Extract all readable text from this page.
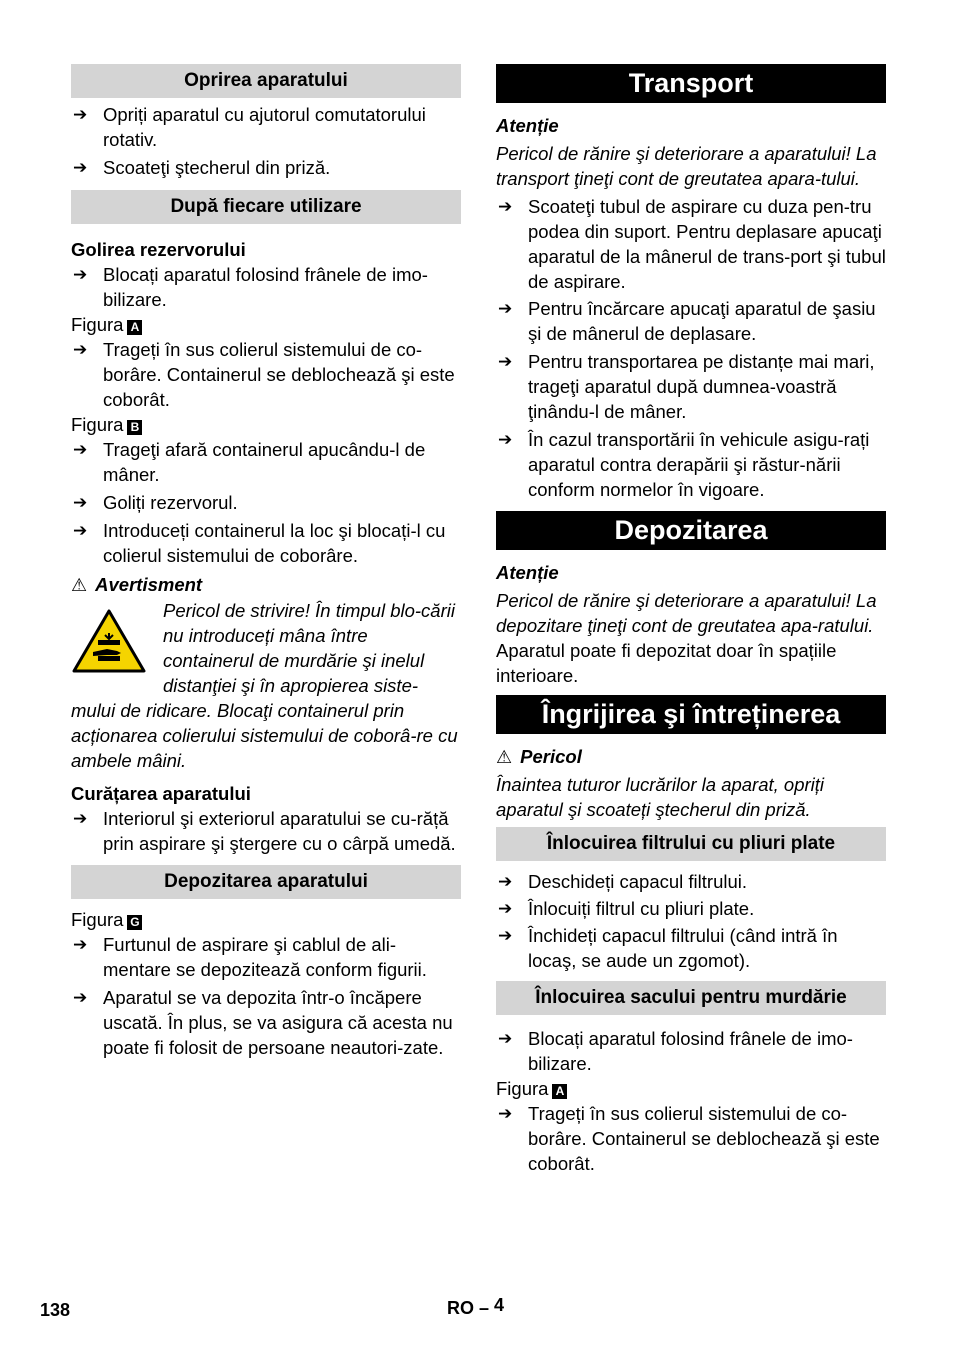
Oprirea aparatului
➔ Opriți aparatul cu ajutorul comutatorului rotativ.
➔ Scoateţi ştecherul din priză.
După fiecare utilizare
Golirea rezervorului
➔ Blocați aparatul folosind frânele de imo-bilizare.
Figura A
➔ Trageți în sus colierul sistemului de co-borâre. Containerul se deblochează şi este coborât.
Figura B
➔ Trageţi afară containerul apucându-l de mâner.
➔ Goliți rezervorul.
➔ Introduceți containerul la loc şi blocați-l cu colierul sistemului de coborâre.
⚠ Avertisment
Pericol de strivire! În timpul blo-cării nu introduceți mâna între containerul de murdărie şi inelul distanţiei şi în apropierea siste-
mului de ridicare. Blocaţi containerul prin acționarea colierului sistemului de coborâ-re cu ambele mâini.
Curățarea aparatului
➔ Interiorul şi exteriorul aparatului se cu-răță prin aspirare şi ştergere cu o cârpă umedă.
Depozitarea aparatului
Figura G
➔ Furtunul de aspirare şi cablul de ali-mentare se depozitează conform figurii.
➔ Aparatul se va depozita într-o încăpere uscată. În plus, se va asigura că acesta nu poate fi folosit de persoane neautori-zate.
Transport
Atenție
Pericol de rănire şi deteriorare a aparatului! La transport ţineţi cont de greutatea apara-tului.
➔ Scoateţi tubul de aspirare cu duza pen-tru podea din suport. Pentru deplasare apucaţi aparatul de la mânerul de trans-port şi tubul de aspirare.
➔ Pentru încărcare apucaţi aparatul de şasiu şi de mânerul de deplasare.
➔ Pentru transportarea pe distanțe mai mari, trageţi aparatul după dumnea-voastră ţinându-l de mâner.
➔ În cazul transportării în vehicule asigu-rați aparatul contra derapării şi răstur-nării conform normelor în vigoare.
Depozitarea
Atenție
Pericol de rănire şi deteriorare a aparatului! La depozitare ţineţi cont de greutatea apa-ratului.
Aparatul poate fi depozitat doar în spațiile interioare.
Îngrijirea şi întreținerea
⚠ Pericol
Înaintea tuturor lucrărilor la aparat, opriți aparatul şi scoateți ştecherul din priză.
Înlocuirea filtrului cu pliuri plate
➔ Deschideți capacul filtrului.
➔ Înlocuiți filtrul cu pliuri plate.
➔ Închideți capacul filtrului (când intră în locaş, se aude un zgomot).
Înlocuirea sacului pentru murdărie
➔ Blocați aparatul folosind frânele de imo-bilizare.
Figura A
➔ Trageți în sus colierul sistemului de co-borâre. Containerul se deblochează şi este coborât.
138	RO – 4
